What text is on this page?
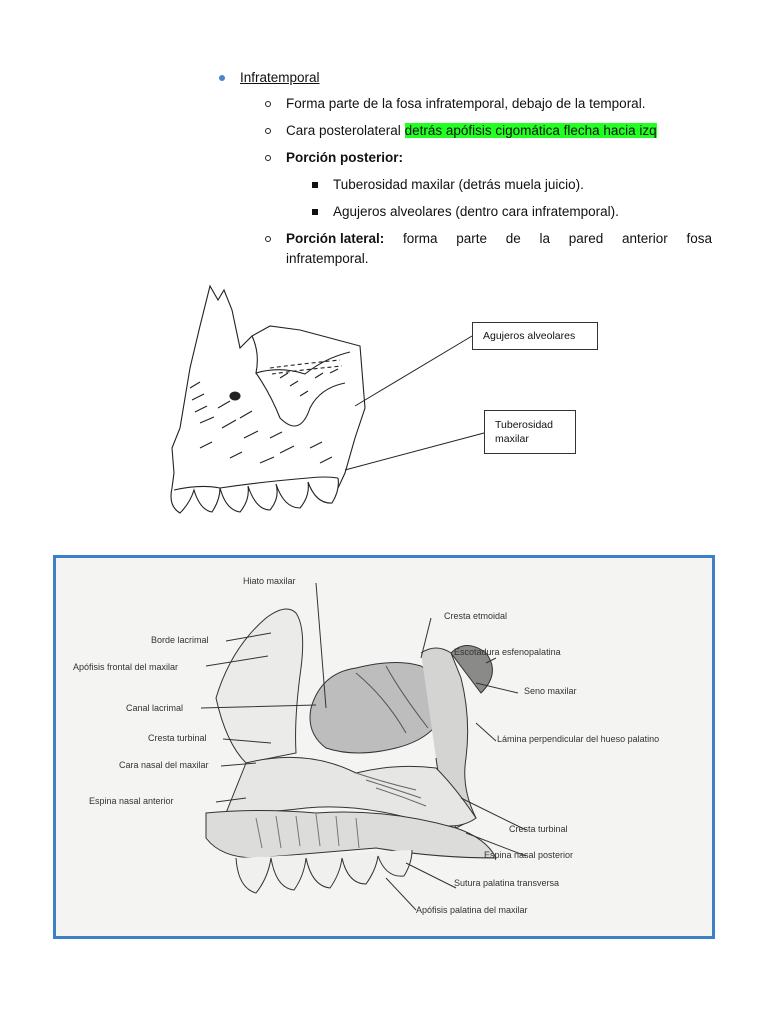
Infratemporal
Forma parte de la fosa infratemporal, debajo de la temporal.
Cara posterolateral detrás apófisis cigomática flecha hacia izq
Porción posterior:
Tuberosidad maxilar (detrás muela juicio).
Agujeros alveolares (dentro cara infratemporal).
Porción lateral: forma parte de la pared anterior fosa
infratemporal.
Agujeros alveolares
Tuberosidad maxilar
Hiato maxilar
Cresta etmoidal
Borde lacrimal
Escotadura esfenopalatina
Apófisis frontal del maxilar
Seno maxilar
Canal lacrimal
Cresta turbinal	Lámina perpendicular del hueso palatino
Cara nasal del maxilar
Espina nasal anterior
Cresta turbinal
Espina nasal posterior
Sutura palatina transversa
Apófisis palatina del maxilar
